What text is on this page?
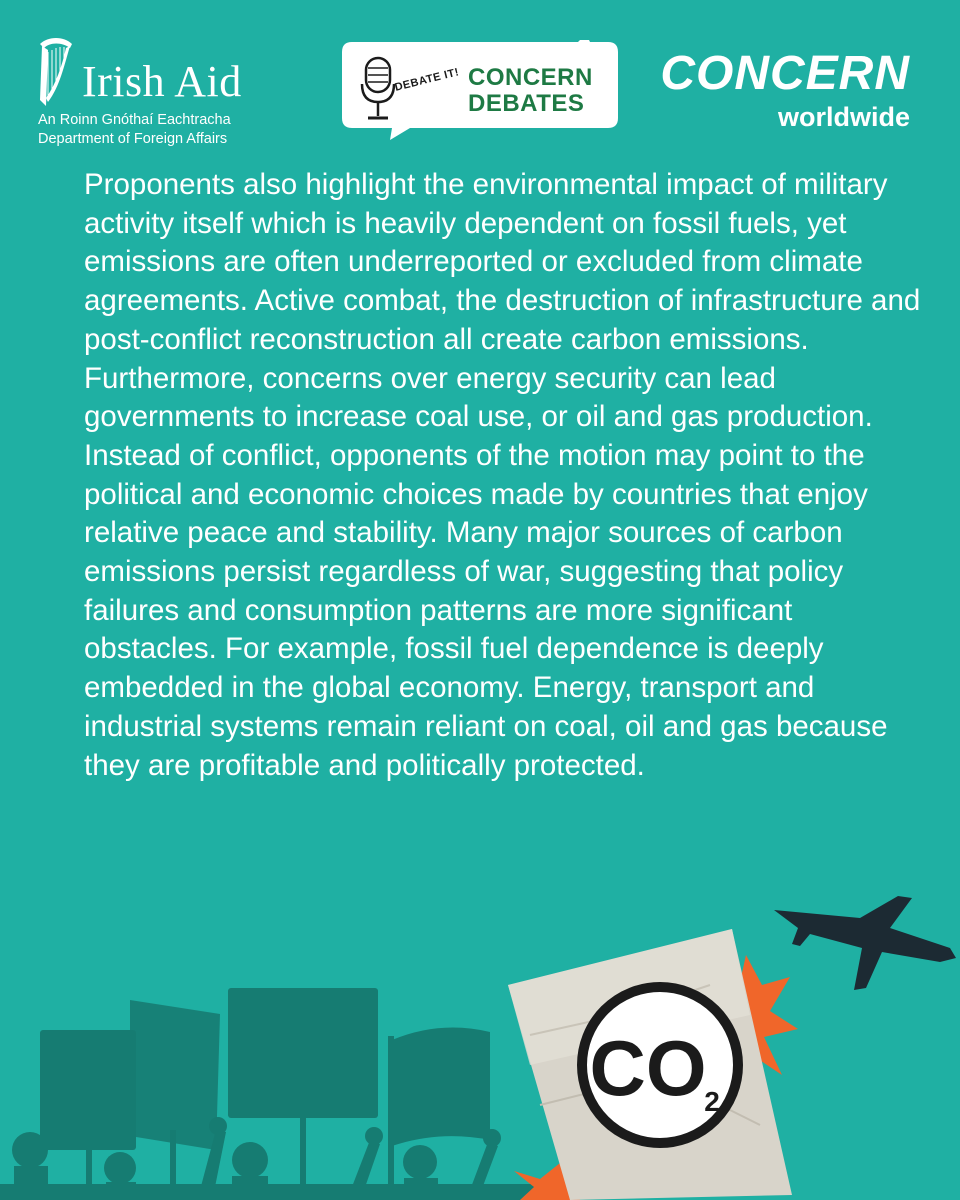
Irish Aid
An Roinn Gnóthaí Eachtracha
Department of Foreign Affairs
DEBATE IT! CONCERN
DEBATES
CONCERN
worldwide

Proponents also highlight the environmental impact of military activity itself which is heavily dependent on fossil fuels, yet emissions are often underreported or excluded from climate agreements. Active combat, the destruction of infrastructure and post-conflict reconstruction all create carbon emissions. Furthermore, concerns over energy security can lead governments to increase coal use, or oil and gas production.

Instead of conflict, opponents of the motion may point to the political and economic choices made by countries that enjoy relative peace and stability. Many major sources of carbon emissions persist regardless of war, suggesting that policy failures and consumption patterns are more significant obstacles. For example, fossil fuel dependence is deeply embedded in the global economy. Energy, transport and industrial systems remain reliant on coal, oil and gas because they are profitable and politically protected.

CO
2
